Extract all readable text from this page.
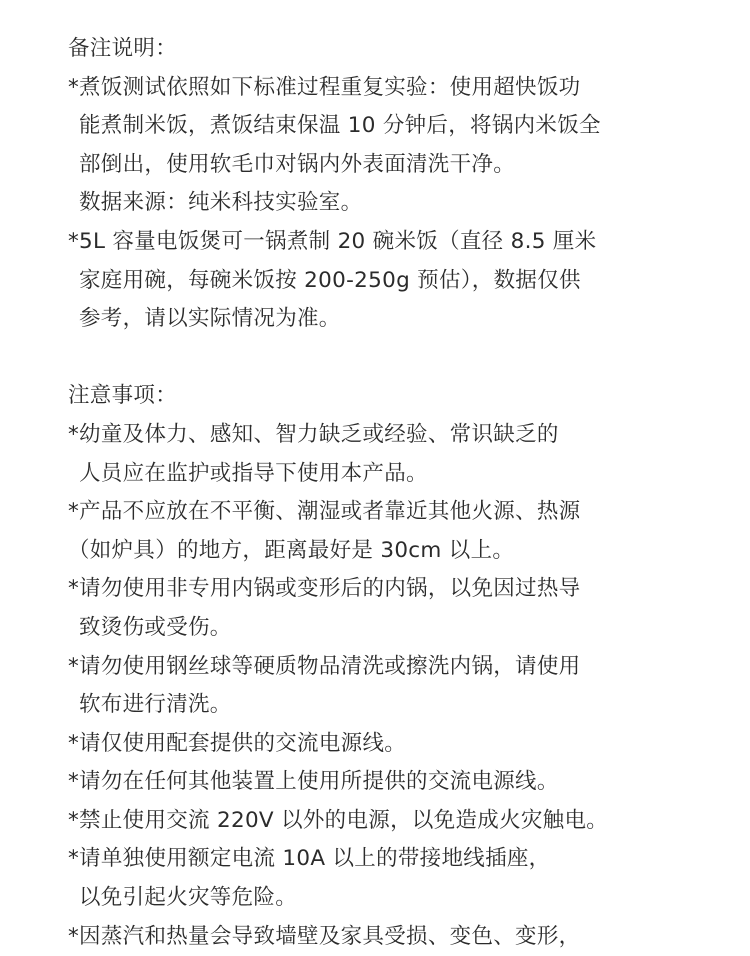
备注说明：
*煮饭测试依照如下标准过程重复实验：使用超快饭功
能煮制米饭，煮饭结束保温 10 分钟后，将锅内米饭全
部倒出，使用软毛巾对锅内外表面清洗干净。
数据来源：纯米科技实验室。
*5L 容量电饭煲可一锅煮制 20 碗米饭（直径 8.5 厘米
家庭用碗，每碗米饭按 200-250g 预估），数据仅供
参考，请以实际情况为准。
注意事项：
*幼童及体力、感知、智力缺乏或经验、常识缺乏的
人员应在监护或指导下使用本产品。
*产品不应放在不平衡、潮湿或者靠近其他火源、热源
（如炉具）的地方，距离最好是 30cm 以上。
*请勿使用非专用内锅或变形后的内锅，以免因过热导
致烫伤或受伤。
*请勿使用钢丝球等硬质物品清洗或擦洗内锅，请使用
软布进行清洗。
*请仅使用配套提供的交流电源线。
*请勿在任何其他装置上使用所提供的交流电源线。
*禁止使用交流 220V 以外的电源，以免造成火灾触电。
*请单独使用额定电流 10A 以上的带接地线插座，
以免引起火灾等危险。
*因蒸汽和热量会导致墙壁及家具受损、变色、变形，
